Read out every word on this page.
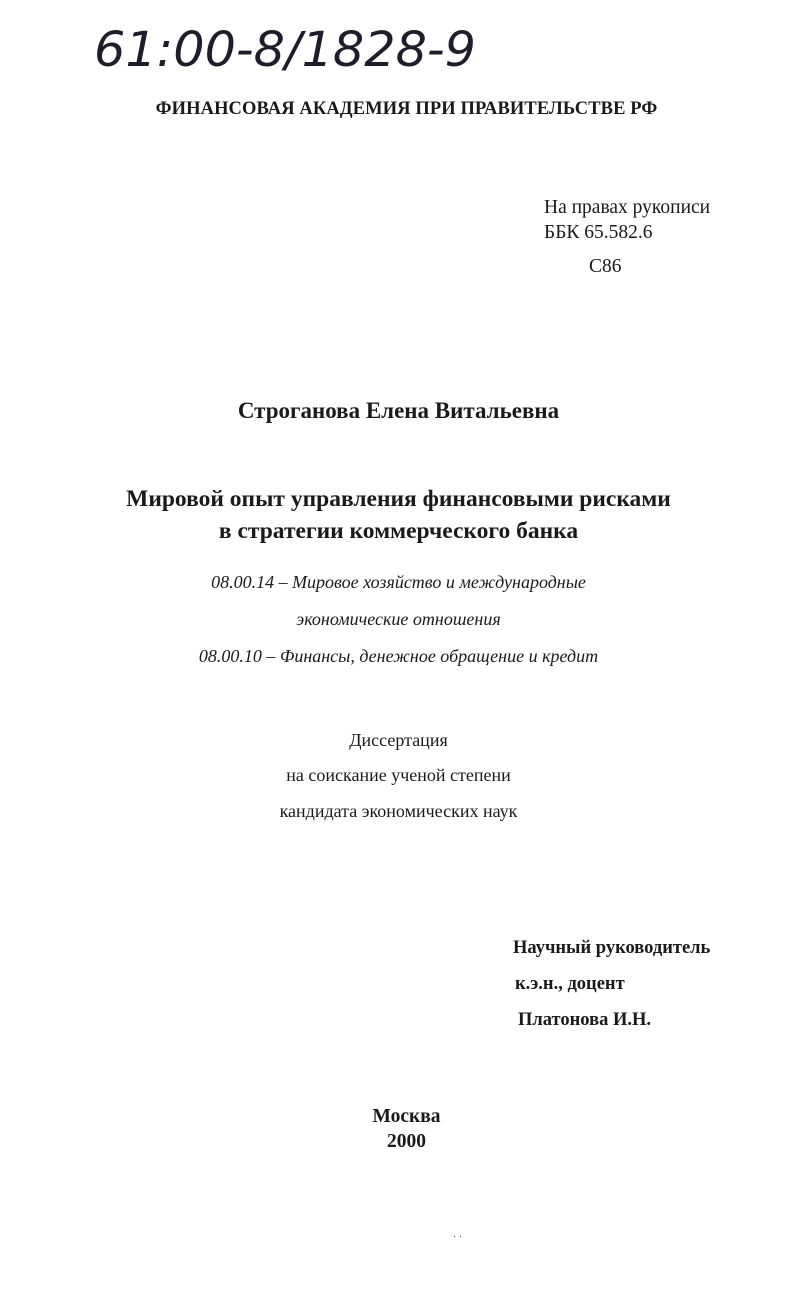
61:00-8/1828-9
ФИНАНСОВАЯ АКАДЕМИЯ ПРИ ПРАВИТЕЛЬСТВЕ РФ
На правах рукописи
ББК 65.582.6
С86
Строганова Елена Витальевна
Мировой опыт управления финансовыми рисками
в стратегии коммерческого банка
08.00.14 – Мировое хозяйство и международные
экономические отношения
08.00.10 – Финансы, денежное обращение и кредит
Диссертация
на соискание ученой степени
кандидата экономических наук
Научный руководитель
к.э.н., доцент
Платонова И.Н.
Москва
2000
· ·
